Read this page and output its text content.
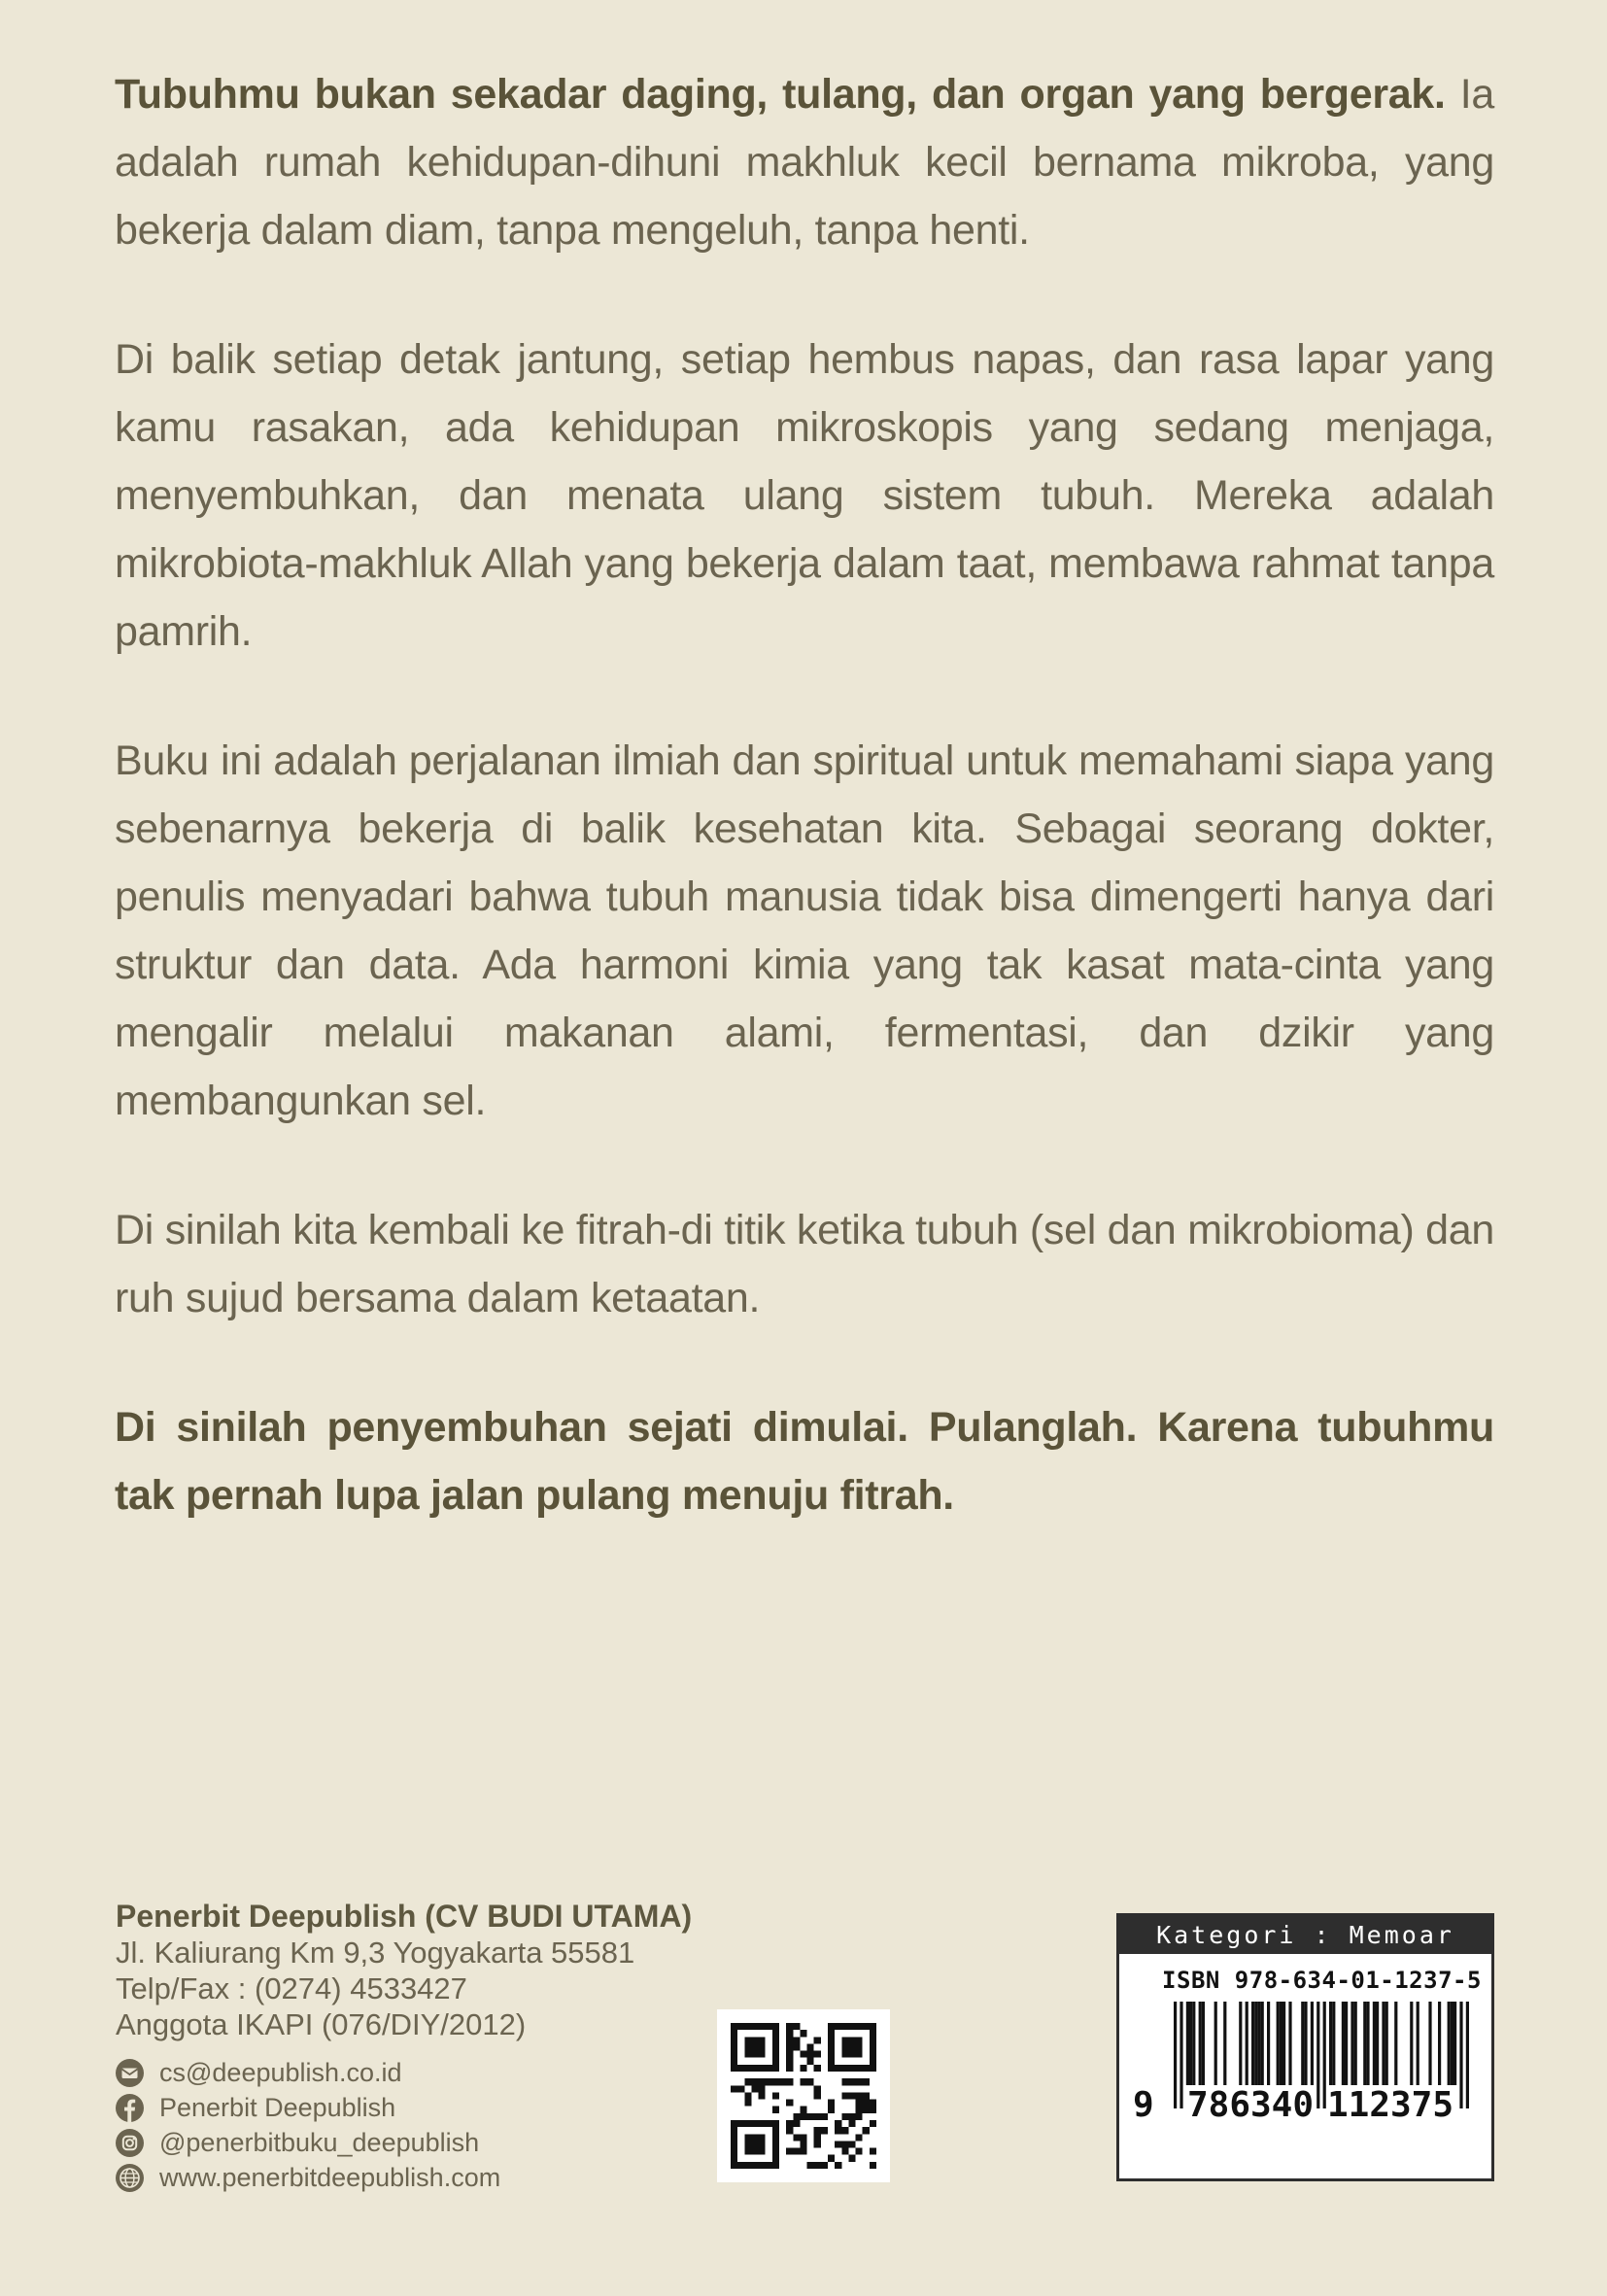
Tubuhmu bukan sekadar daging, tulang, dan organ yang bergerak. Ia adalah rumah kehidupan-dihuni makhluk kecil bernama mikroba, yang bekerja dalam diam, tanpa mengeluh, tanpa henti.

Di balik setiap detak jantung, setiap hembus napas, dan rasa lapar yang kamu rasakan, ada kehidupan mikroskopis yang sedang menjaga, menyembuhkan, dan menata ulang sistem tubuh. Mereka adalah mikrobiota-makhluk Allah yang bekerja dalam taat, membawa rahmat tanpa pamrih.

Buku ini adalah perjalanan ilmiah dan spiritual untuk memahami siapa yang sebenarnya bekerja di balik kesehatan kita. Sebagai seorang dokter, penulis menyadari bahwa tubuh manusia tidak bisa dimengerti hanya dari struktur dan data. Ada harmoni kimia yang tak kasat mata-cinta yang mengalir melalui makanan alami, fermentasi, dan dzikir yang membangunkan sel.

Di sinilah kita kembali ke fitrah-di titik ketika tubuh (sel dan mikrobioma) dan ruh sujud bersama dalam ketaatan.

Di sinilah penyembuhan sejati dimulai. Pulanglah. Karena tubuhmu tak pernah lupa jalan pulang menuju fitrah.

Penerbit Deepublish (CV BUDI UTAMA)
Jl. Kaliurang Km 9,3 Yogyakarta 55581
Telp/Fax : (0274) 4533427
Anggota IKAPI (076/DIY/2012)
cs@deepublish.co.id
Penerbit Deepublish
@penerbitbuku_deepublish
www.penerbitdeepublish.com
Kategori : Memoar
ISBN 978-634-01-1237-5
9 786340 112375
